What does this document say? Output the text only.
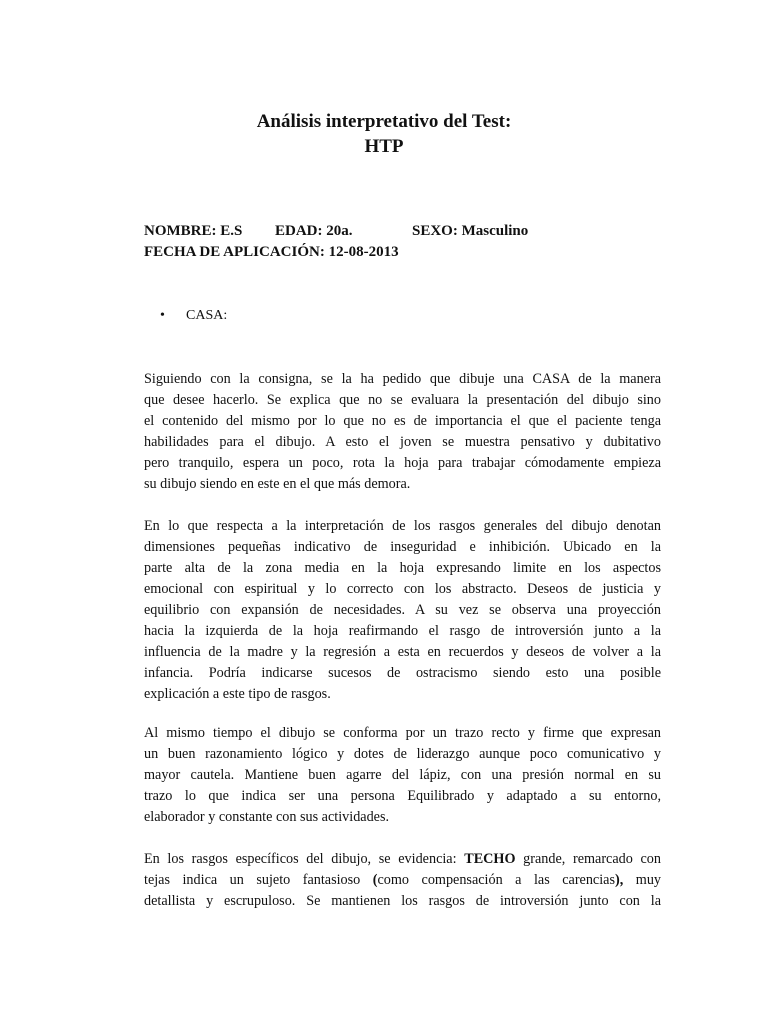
Análisis interpretativo del Test:
HTP
NOMBRE: E.S EDAD: 20a.	SEXO: Masculino
FECHA DE APLICACIÓN: 12-08-2013
• CASA:
Siguiendo con la consigna, se la ha pedido que dibuje una CASA de la manera
que desee hacerlo. Se explica que no se evaluara la presentación del dibujo sino
el contenido del mismo por lo que no es de importancia el que el paciente tenga
habilidades para el dibujo. A esto el joven se muestra pensativo y dubitativo
pero tranquilo, espera un poco, rota la hoja para trabajar cómodamente empieza
su dibujo siendo en este en el que más demora.
En lo que respecta a la interpretación de los rasgos generales del dibujo denotan
dimensiones pequeñas indicativo de inseguridad e inhibición. Ubicado en la
parte alta de la zona media en la hoja expresando limite en los aspectos
emocional con espiritual y lo correcto con los abstracto. Deseos de justicia y
equilibrio con expansión de necesidades. A su vez se observa una proyección
hacia la izquierda de la hoja reafirmando el rasgo de introversión junto a la
influencia de la madre y la regresión a esta en recuerdos y deseos de volver a la
infancia. Podría indicarse sucesos de ostracismo siendo esto una posible
explicación a este tipo de rasgos.
Al mismo tiempo el dibujo se conforma por un trazo recto y firme que expresan
un buen razonamiento lógico y dotes de liderazgo aunque poco comunicativo y
mayor cautela. Mantiene buen agarre del lápiz, con una presión normal en su
trazo lo que indica ser una persona Equilibrado y adaptado a su entorno,
elaborador y constante con sus actividades.
En los rasgos específicos del dibujo, se evidencia: TECHO grande, remarcado con
tejas indica un sujeto fantasioso (como compensación a las carencias), muy
detallista y escrupuloso. Se mantienen los rasgos de introversión junto con la
